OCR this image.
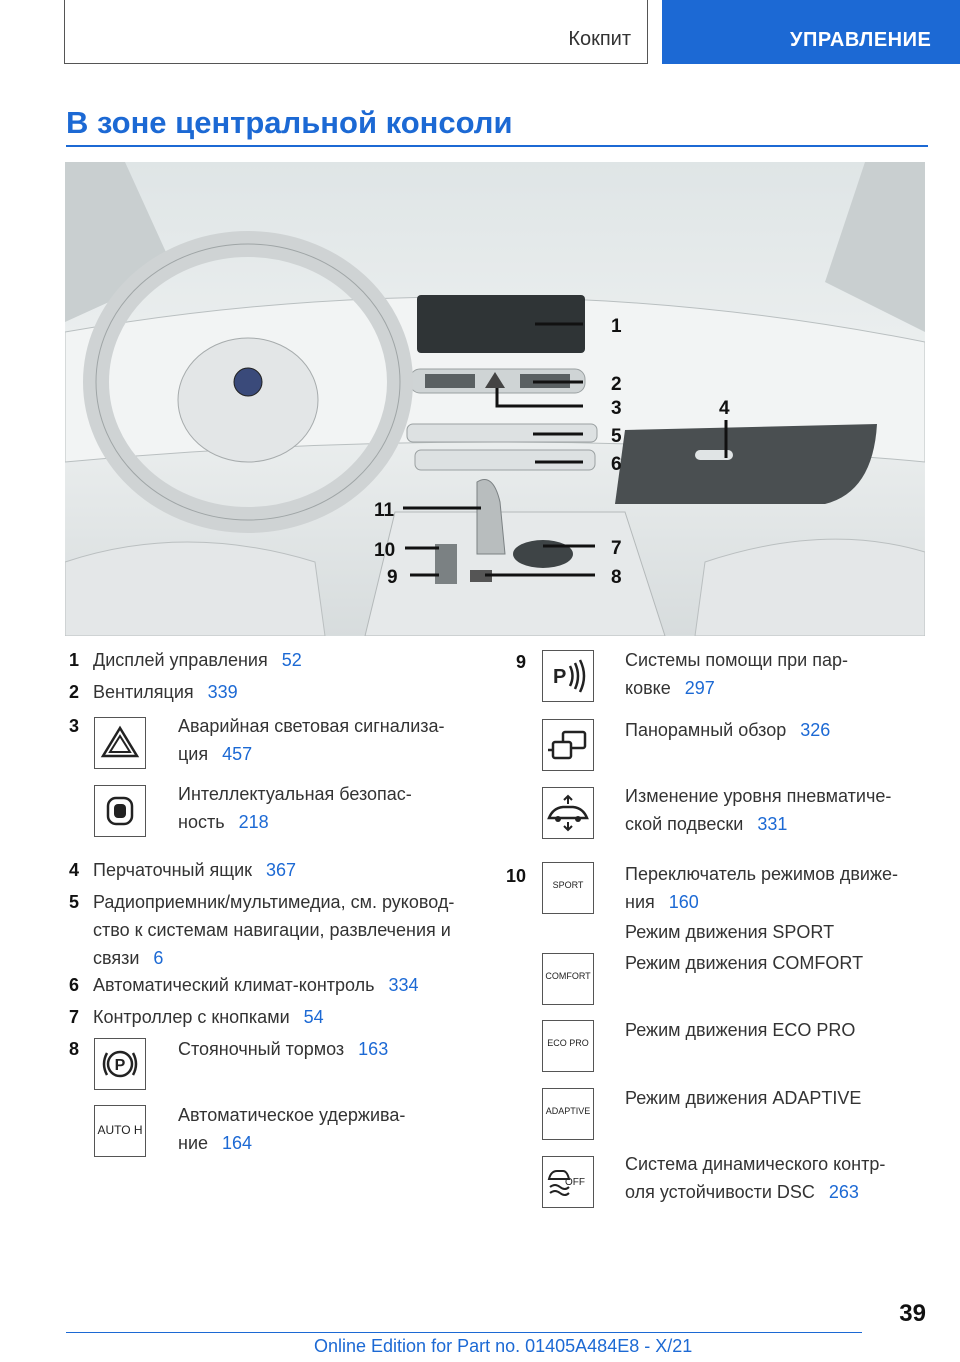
Кокпит	УПРАВЛЕНИЕ
В зоне центральной консоли
1
2
3	4
5
6
7
8
9
10
11
1 Дисплей управления 52
2 Вентиляция 339
3	Аварийная световая сигнализа-
ция 457
Интеллектуальная безопас-
ность 218
4 Перчаточный ящик 367
5 Радиоприемник/мультимедиа, см. руковод-
ство к системам навигации, развлечения и
связи 6
6 Автоматический климат-контроль 334
7 Контроллер с кнопками 54
8
P
Стояночный тормоз 163
AUTO H
Автоматическое удержива-
ние 164
9
P
Системы помощи при пар-
ковке 297
Панорамный обзор 326
Изменение уровня пневматиче-
ской подвески 331
10	SPORT
Переключатель режимов движе-
ния 160
Режим движения SPORT
COMFORT
Режим движения COMFORT
ECO PRO
Режим движения ECO PRO
ADAPTIVE
Режим движения ADAPTIVE
OFF
Система динамического контр-
оля устойчивости DSC 263
39
Online Edition for Part no. 01405A484E8 - X/21
